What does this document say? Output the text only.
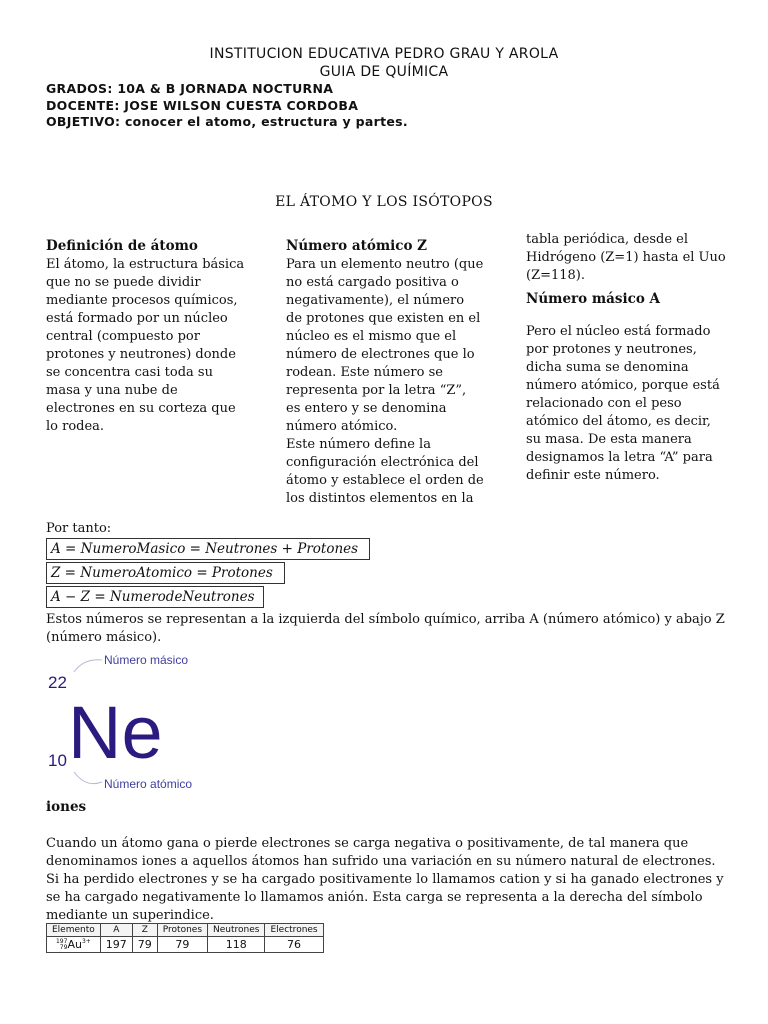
INSTITUCION EDUCATIVA PEDRO GRAU Y AROLA
GUIA DE QUÍMICA
GRADOS: 10A & B JORNADA NOCTURNA
DOCENTE: JOSE WILSON CUESTA CORDOBA
OBJETIVO: conocer el atomo, estructura y partes.
EL ÁTOMO Y LOS ISÓTOPOS
Definición de átomo

El átomo, la estructura básica que no se puede dividir mediante procesos químicos, está formado por un núcleo central (compuesto por protones y neutrones) donde se concentra casi toda su masa y una nube de electrones en su corteza que lo rodea.

Número atómico Z

Para un elemento neutro (que no está cargado positiva o negativamente), el número de protones que existen en el núcleo es el mismo que el número de electrones que lo rodean. Este número se representa por la letra “Z”, es entero y se denomina número atómico.

Este número define la configuración electrónica del átomo y establece el orden de los distintos elementos en la

tabla periódica, desde el Hidrógeno (Z=1) hasta el Uuo (Z=118).

Número másico A

Pero el núcleo está formado por protones y neutrones, dicha suma se denomina número atómico, porque está relacionado con el peso atómico del átomo, es decir, su masa. De esta manera designamos la letra “A” para definir este número.

Por tanto:
A = NumeroMasico = Neutrones + Protones
Z = NumeroAtomico = Protones
A − Z = NumerodeNeutrones
Estos números se representan a la izquierda del símbolo químico, arriba A (número atómico) y abajo Z (número másico).
Número másico
22
Ne
10
Número atómico
iones
Cuando un átomo gana o pierde electrones se carga negativa o positivamente, de tal manera que denominamos iones a aquellos átomos han sufrido una variación en su número natural de electrones. Si ha perdido electrones y se ha cargado positivamente lo llamamos cation y si ha ganado electrones y se ha cargado negativamente lo llamamos anión. Esta carga se representa a la derecha del símbolo mediante un superindice.
Elemento	A	Z	Protones	Neutrones	Electrones

197
79 $Au^{3+}$	197	79	79	118	76
